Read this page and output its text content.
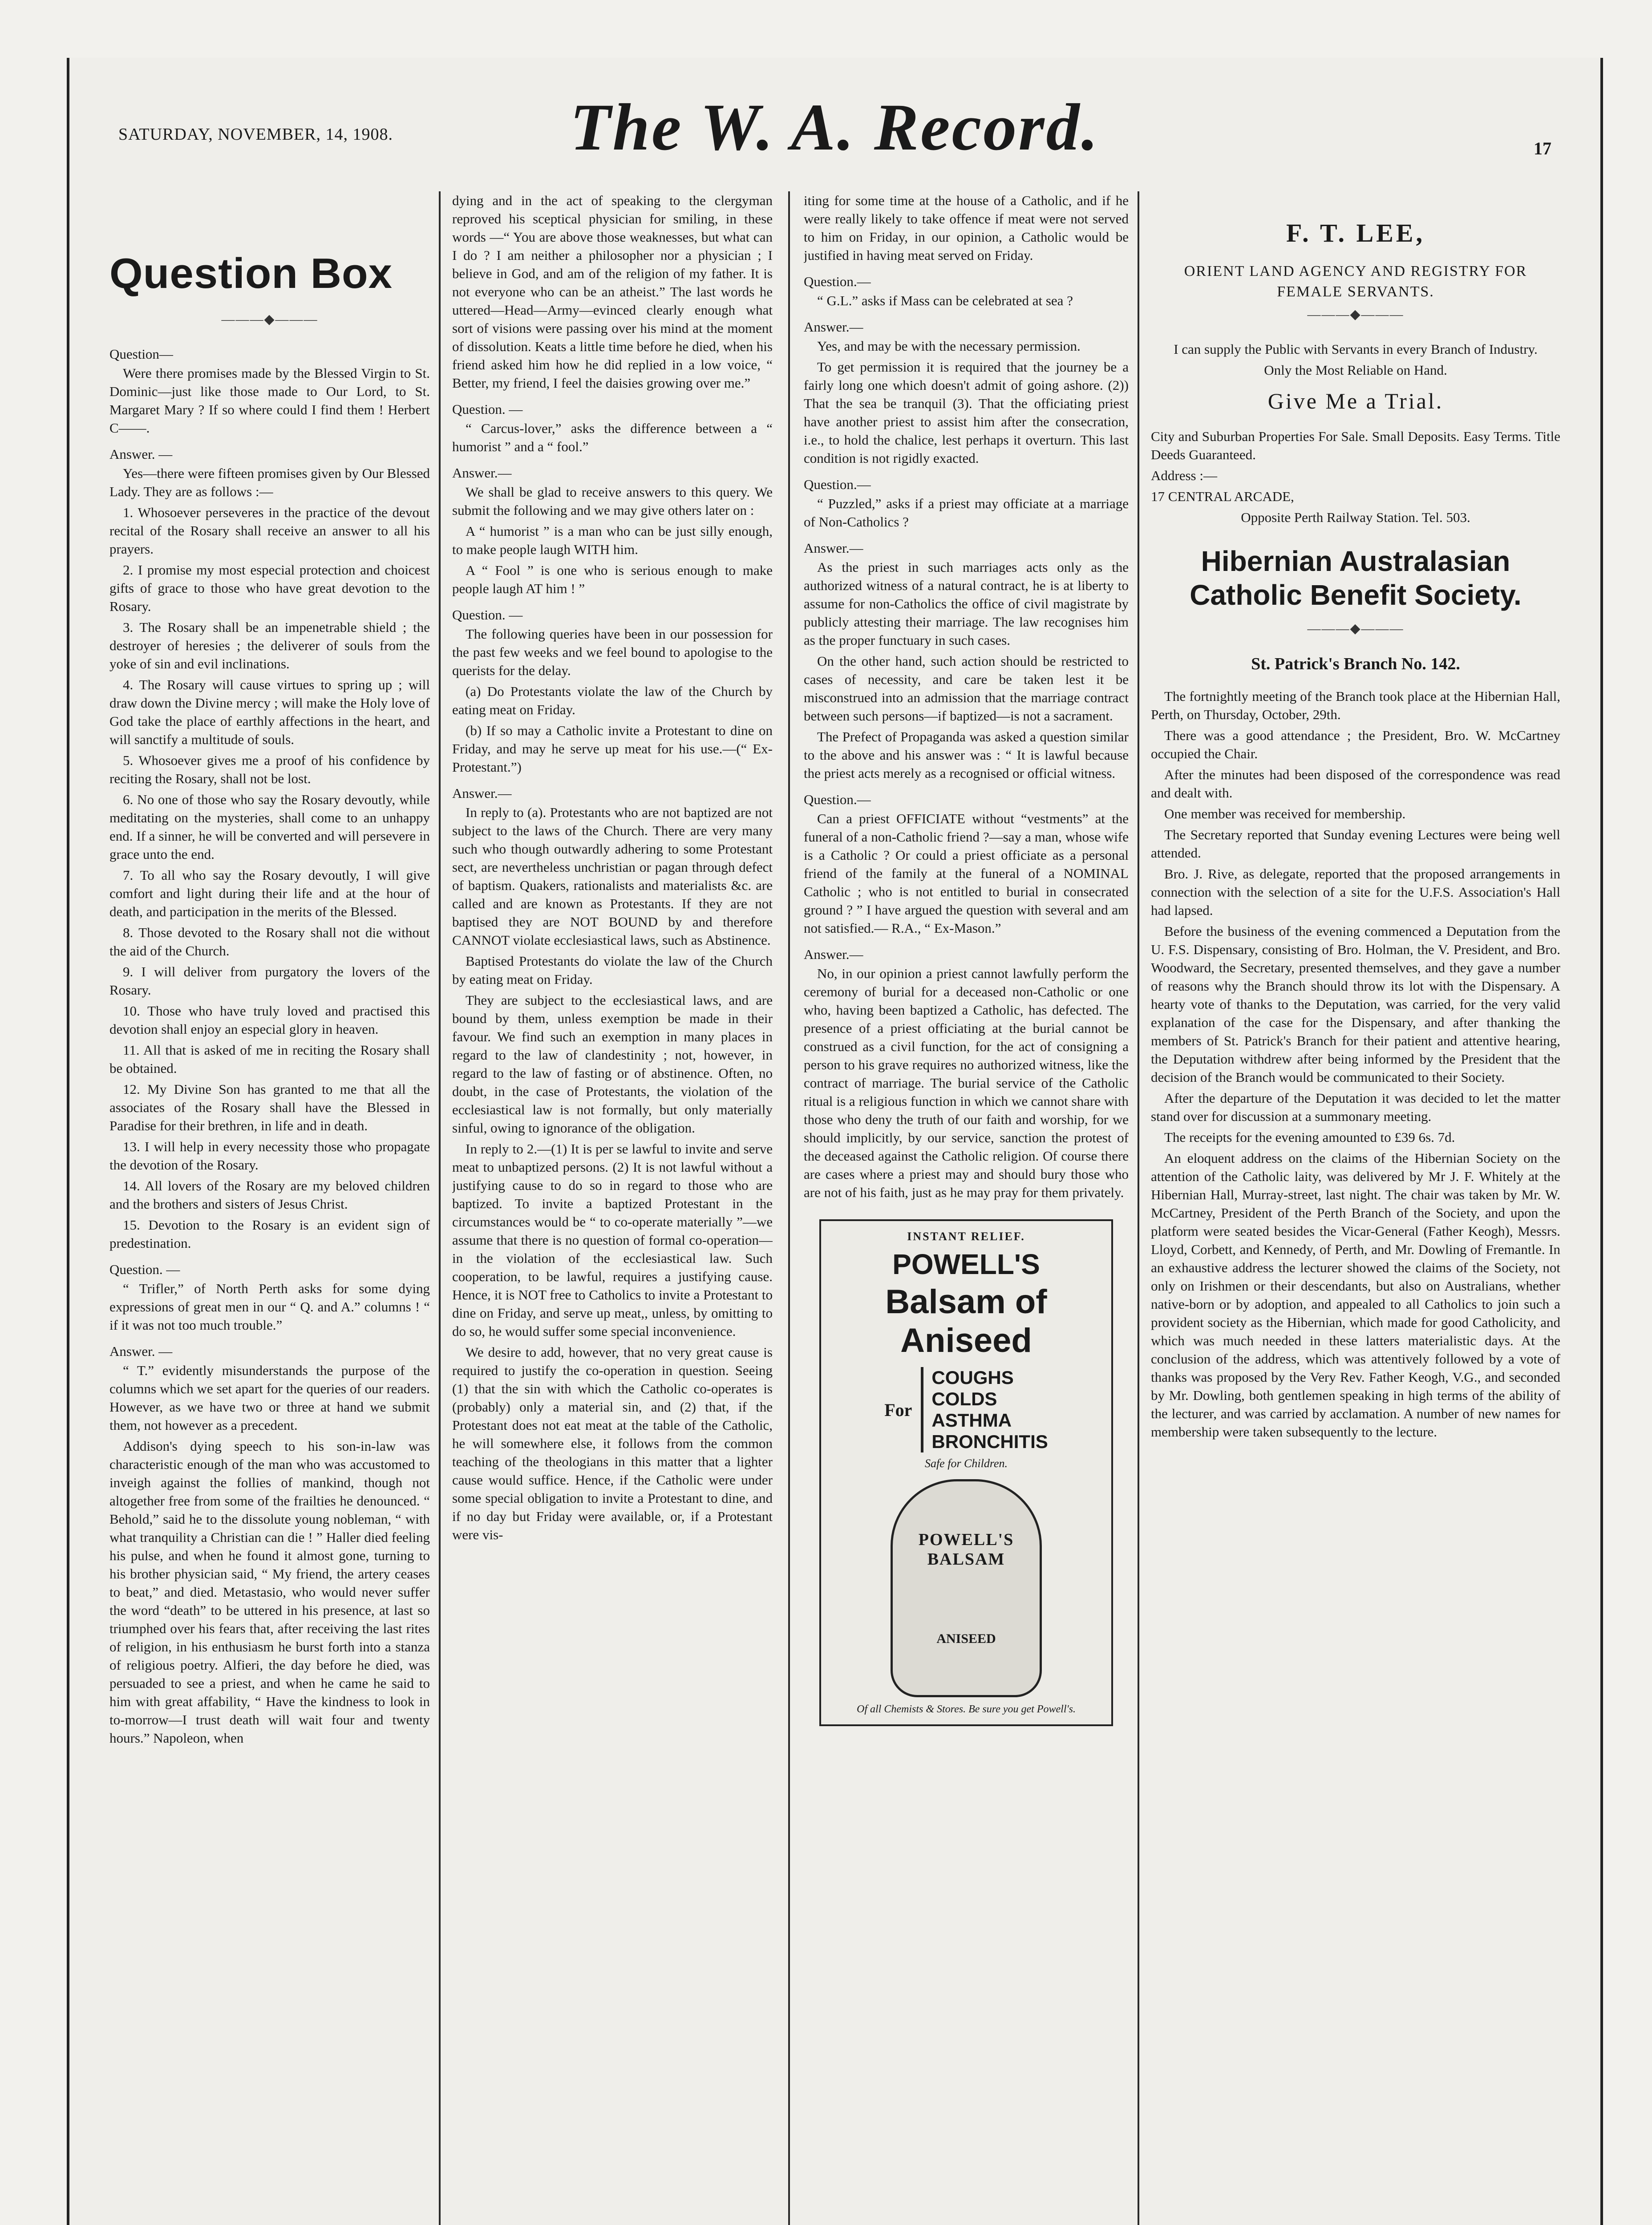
SATURDAY, NOVEMBER, 14, 1908.	The W. A. Record.	17
Question Box
———◆———
Question—

Were there promises made by the Blessed Virgin to St. Dominic—just like those made to Our Lord, to St. Margaret Mary ? If so where could I find them ! Herbert C——.

Answer. —

Yes—there were fifteen promises given by Our Blessed Lady. They are as follows :—

1. Whosoever perseveres in the practice of the devout recital of the Rosary shall receive an answer to all his prayers.

2. I promise my most especial protection and choicest gifts of grace to those who have great devotion to the Rosary.

3. The Rosary shall be an impenetrable shield ; the destroyer of heresies ; the deliverer of souls from the yoke of sin and evil inclinations.

4. The Rosary will cause virtues to spring up ; will draw down the Divine mercy ; will make the Holy love of God take the place of earthly affections in the heart, and will sanctify a multitude of souls.

5. Whosoever gives me a proof of his confidence by reciting the Rosary, shall not be lost.

6. No one of those who say the Rosary devoutly, while meditating on the mysteries, shall come to an unhappy end. If a sinner, he will be converted and will persevere in grace unto the end.

7. To all who say the Rosary devoutly, I will give comfort and light during their life and at the hour of death, and participation in the merits of the Blessed.

8. Those devoted to the Rosary shall not die without the aid of the Church.

9. I will deliver from purgatory the lovers of the Rosary.

10. Those who have truly loved and practised this devotion shall enjoy an especial glory in heaven.

11. All that is asked of me in reciting the Rosary shall be obtained.

12. My Divine Son has granted to me that all the associates of the Rosary shall have the Blessed in Paradise for their brethren, in life and in death.

13. I will help in every necessity those who propagate the devotion of the Rosary.

14. All lovers of the Rosary are my beloved children and the brothers and sisters of Jesus Christ.

15. Devotion to the Rosary is an evident sign of predestination.

Question. —

“ Trifler,” of North Perth asks for some dying expressions of great men in our “ Q. and A.” columns ! “ if it was not too much trouble.”

Answer. —

“ T.” evidently misunderstands the purpose of the columns which we set apart for the queries of our readers. However, as we have two or three at hand we submit them, not however as a precedent.

Addison's dying speech to his son-in-law was characteristic enough of the man who was accustomed to inveigh against the follies of mankind, though not altogether free from some of the frailties he denounced. “ Behold,” said he to the dissolute young nobleman, “ with what tranquility a Christian can die ! ” Haller died feeling his pulse, and when he found it almost gone, turning to his brother physician said, “ My friend, the artery ceases to beat,” and died. Metastasio, who would never suffer the word “death” to be uttered in his presence, at last so triumphed over his fears that, after receiving the last rites of religion, in his enthusiasm he burst forth into a stanza of religious poetry. Alfieri, the day before he died, was persuaded to see a priest, and when he came he said to him with great affability, “ Have the kindness to look in to-morrow—I trust death will wait four and twenty hours.” Napoleon, when

dying and in the act of speaking to the clergyman reproved his sceptical physician for smiling, in these words —“ You are above those weaknesses, but what can I do ? I am neither a philosopher nor a physician ; I believe in God, and am of the religion of my father. It is not everyone who can be an atheist.” The last words he uttered—Head—Army—evinced clearly enough what sort of visions were passing over his mind at the moment of dissolution. Keats a little time before he died, when his friend asked him how he did replied in a low voice, “ Better, my friend, I feel the daisies growing over me.”

Question. —

“ Carcus-lover,” asks the difference between a “ humorist ” and a “ fool.”

Answer.—

We shall be glad to receive answers to this query. We submit the following and we may give others later on :

A “ humorist ” is a man who can be just silly enough, to make people laugh WITH him.

A “ Fool ” is one who is serious enough to make people laugh AT him ! ”

Question. —

The following queries have been in our possession for the past few weeks and we feel bound to apologise to the querists for the delay.

(a) Do Protestants violate the law of the Church by eating meat on Friday.

(b) If so may a Catholic invite a Protestant to dine on Friday, and may he serve up meat for his use.—(“ Ex-Protestant.”)

Answer.—

In reply to (a). Protestants who are not baptized are not subject to the laws of the Church. There are very many such who though outwardly adhering to some Protestant sect, are nevertheless unchristian or pagan through defect of baptism. Quakers, rationalists and materialists &c. are called and are known as Protestants. If they are not baptised they are NOT BOUND by and therefore CANNOT violate ecclesiastical laws, such as Abstinence.

Baptised Protestants do violate the law of the Church by eating meat on Friday.

They are subject to the ecclesiastical laws, and are bound by them, unless exemption be made in their favour. We find such an exemption in many places in regard to the law of clandestinity ; not, however, in regard to the law of fasting or of abstinence. Often, no doubt, in the case of Protestants, the violation of the ecclesiastical law is not formally, but only materially sinful, owing to ignorance of the obligation.

In reply to 2.—(1) It is per se lawful to invite and serve meat to unbaptized persons. (2) It is not lawful without a justifying cause to do so in regard to those who are baptized. To invite a baptized Protestant in the circumstances would be “ to co-operate materially ”—we assume that there is no question of formal co-operation—in the violation of the ecclesiastical law. Such cooperation, to be lawful, requires a justifying cause. Hence, it is NOT free to Catholics to invite a Protestant to dine on Friday, and serve up meat,, unless, by omitting to do so, he would suffer some special inconvenience.

We desire to add, however, that no very great cause is required to justify the co-operation in question. Seeing (1) that the sin with which the Catholic co-operates is (probably) only a material sin, and (2) that, if the Protestant does not eat meat at the table of the Catholic, he will somewhere else, it follows from the common teaching of the theologians in this matter that a lighter cause would suffice. Hence, if the Catholic were under some special obligation to invite a Protestant to dine, and if no day but Friday were available, or, if a Protestant were vis-

iting for some time at the house of a Catholic, and if he were really likely to take offence if meat were not served to him on Friday, in our opinion, a Catholic would be justified in having meat served on Friday.

Question.—

“ G.L.” asks if Mass can be celebrated at sea ?

Answer.—

Yes, and may be with the necessary permission.

To get permission it is required that the journey be a fairly long one which doesn't admit of going ashore. (2)) That the sea be tranquil (3). That the officiating priest have another priest to assist him after the consecration, i.e., to hold the chalice, lest perhaps it overturn. This last condition is not rigidly exacted.

Question.—

“ Puzzled,” asks if a priest may officiate at a marriage of Non-Catholics ?

Answer.—

As the priest in such marriages acts only as the authorized witness of a natural contract, he is at liberty to assume for non-Catholics the office of civil magistrate by publicly attesting their marriage. The law recognises him as the proper functuary in such cases.

On the other hand, such action should be restricted to cases of necessity, and care be taken lest it be misconstrued into an admission that the marriage contract between such persons—if baptized—is not a sacrament.

The Prefect of Propaganda was asked a question similar to the above and his answer was : “ It is lawful because the priest acts merely as a recognised or official witness.

Question.—

Can a priest OFFICIATE without “vestments” at the funeral of a non-Catholic friend ?—say a man, whose wife is a Catholic ? Or could a priest officiate as a personal friend of the family at the funeral of a NOMINAL Catholic ; who is not entitled to burial in consecrated ground ? ” I have argued the question with several and am not satisfied.— R.A., “ Ex-Mason.”

Answer.—

No, in our opinion a priest cannot lawfully perform the ceremony of burial for a deceased non-Catholic or one who, having been baptized a Catholic, has defected. The presence of a priest officiating at the burial cannot be construed as a civil function, for the act of consigning a person to his grave requires no authorized witness, like the contract of marriage. The burial service of the Catholic ritual is a religious function in which we cannot share with those who deny the truth of our faith and worship, for we should implicitly, by our service, sanction the protest of the deceased against the Catholic religion. Of course there are cases where a priest may and should bury those who are not of his faith, just as he may pray for them privately.

INSTANT RELIEF.
POWELL'S
Balsam of Aniseed
For
COUGHS
COLDS
ASTHMA
BRONCHITIS
Safe for Children.
POWELL'S BALSAM
ANISEED
Of all Chemists & Stores. Be sure you get Powell's.
F. T. LEE,
ORIENT LAND AGENCY AND REGISTRY FOR FEMALE SERVANTS.
———◆———

I can supply the Public with Servants in every Branch of Industry.

Only the Most Reliable on Hand.

Give Me a Trial.

City and Suburban Properties For Sale. Small Deposits. Easy Terms. Title Deeds Guaranteed.

Address :—

17 CENTRAL ARCADE,

Opposite Perth Railway Station. Tel. 503.

Hibernian Australasian Catholic Benefit Society.
———◆———
St. Patrick's Branch No. 142.

The fortnightly meeting of the Branch took place at the Hibernian Hall, Perth, on Thursday, October, 29th.

There was a good attendance ; the President, Bro. W. McCartney occupied the Chair.

After the minutes had been disposed of the correspondence was read and dealt with.

One member was received for membership.

The Secretary reported that Sunday evening Lectures were being well attended.

Bro. J. Rive, as delegate, reported that the proposed arrangements in connection with the selection of a site for the U.F.S. Association's Hall had lapsed.

Before the business of the evening commenced a Deputation from the U. F.S. Dispensary, consisting of Bro. Holman, the V. President, and Bro. Woodward, the Secretary, presented themselves, and they gave a number of reasons why the Branch should throw its lot with the Dispensary. A hearty vote of thanks to the Deputation, was carried, for the very valid explanation of the case for the Dispensary, and after thanking the members of St. Patrick's Branch for their patient and attentive hearing, the Deputation withdrew after being informed by the President that the decision of the Branch would be communicated to their Society.

After the departure of the Deputation it was decided to let the matter stand over for discussion at a summonary meeting.

The receipts for the evening amounted to £39 6s. 7d.

An eloquent address on the claims of the Hibernian Society on the attention of the Catholic laity, was delivered by Mr J. F. Whitely at the Hibernian Hall, Murray-street, last night. The chair was taken by Mr. W. McCartney, President of the Perth Branch of the Society, and upon the platform were seated besides the Vicar-General (Father Keogh), Messrs. Lloyd, Corbett, and Kennedy, of Perth, and Mr. Dowling of Fremantle. In an exhaustive address the lecturer showed the claims of the Society, not only on Irishmen or their descendants, but also on Australians, whether native-born or by adoption, and appealed to all Catholics to join such a provident society as the Hibernian, which made for good Catholicity, and which was much needed in these latters materialistic days. At the conclusion of the address, which was attentively followed by a vote of thanks was proposed by the Very Rev. Father Keogh, V.G., and seconded by Mr. Dowling, both gentlemen speaking in high terms of the ability of the lecturer, and was carried by acclamation. A number of new names for membership were taken subsequently to the lecture.
